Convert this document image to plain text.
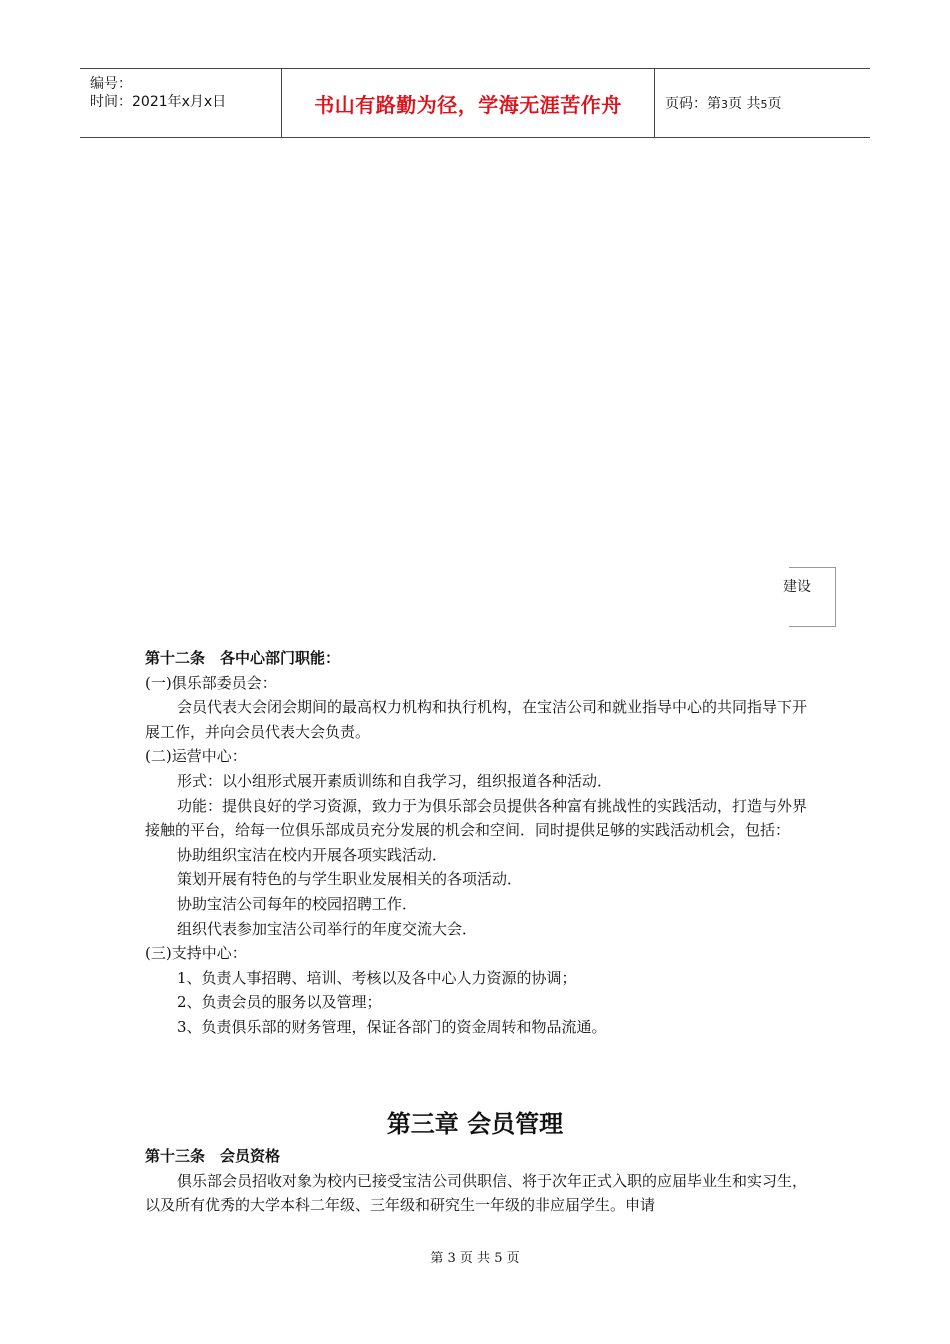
编号：
时间：2021年x月x日	书山有路勤为径，学海无涯苦作舟	页码：第3页 共5页
建设

第十二条　各中心部门职能：

(一)俱乐部委员会：

会员代表大会闭会期间的最高权力机构和执行机构，在宝洁公司和就业指导中心的共同指导下开展工作，并向会员代表大会负责。

(二)运营中心：

形式：以小组形式展开素质训练和自我学习，组织报道各种活动．

功能：提供良好的学习资源，致力于为俱乐部会员提供各种富有挑战性的实践活动，打造与外界接触的平台，给每一位俱乐部成员充分发展的机会和空间．同时提供足够的实践活动机会，包括：

协助组织宝洁在校内开展各项实践活动．

策划开展有特色的与学生职业发展相关的各项活动．

协助宝洁公司每年的校园招聘工作．

组织代表参加宝洁公司举行的年度交流大会．

(三)支持中心：

1、负责人事招聘、培训、考核以及各中心人力资源的协调；

2、负责会员的服务以及管理；

3、负责俱乐部的财务管理，保证各部门的资金周转和物品流通。

第三章 会员管理

第十三条　会员资格

俱乐部会员招收对象为校内已接受宝洁公司供职信、将于次年正式入职的应届毕业生和实习生，以及所有优秀的大学本科二年级、三年级和研究生一年级的非应届学生。申请

第 3 页 共 5 页
